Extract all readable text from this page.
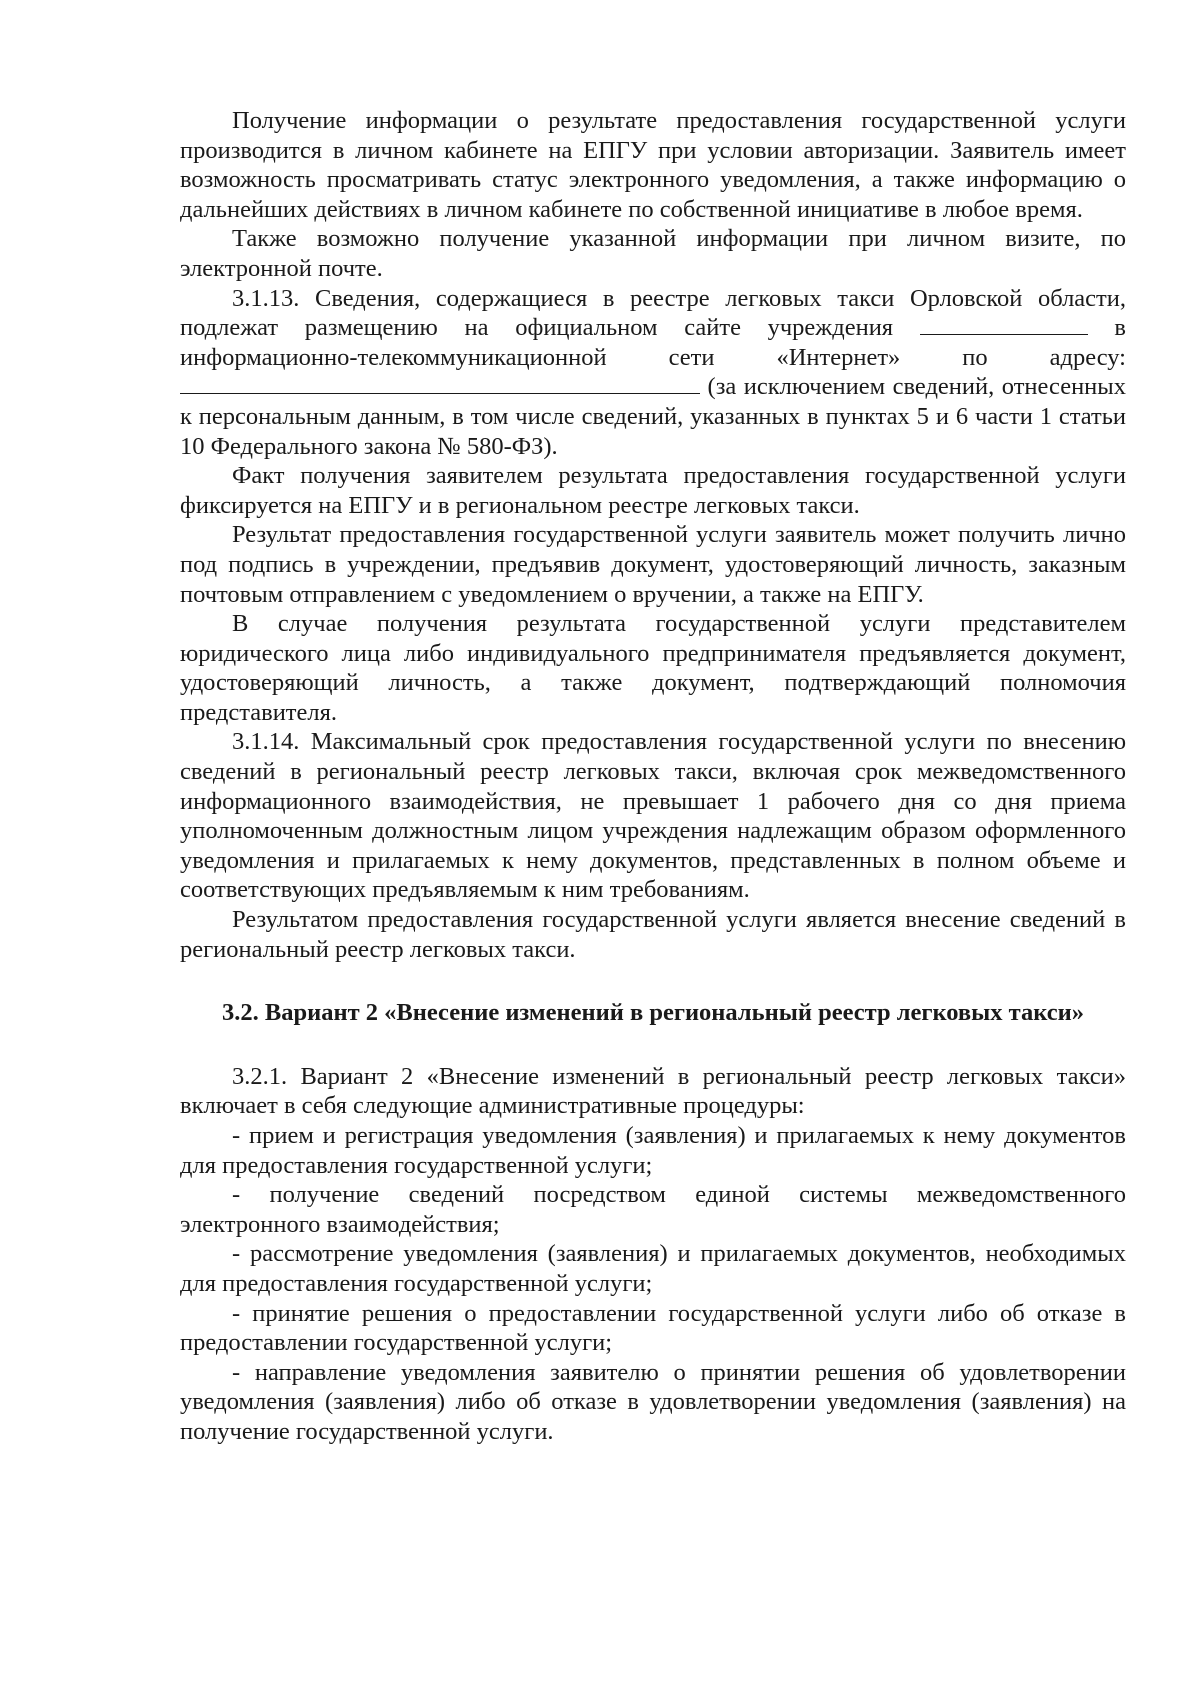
Получение информации о результате предоставления государственной услуги производится в личном кабинете на ЕПГУ при условии авторизации. Заявитель имеет возможность просматривать статус электронного уведомления, а также информацию о дальнейших действиях в личном кабинете по собственной инициативе в любое время.

Также возможно получение указанной информации при личном визите, по электронной почте.

3.1.13. Сведения, содержащиеся в реестре легковых такси Орловской области, подлежат размещению на официальном сайте учреждения	в информационно-телекоммуникационной сети «Интернет» по адресу:  (за исключением сведений, отнесенных к персональным данным, в том числе сведений, указанных в пунктах 5 и 6 части 1 статьи 10 Федерального закона № 580-ФЗ).

Факт получения заявителем результата предоставления государственной услуги фиксируется на ЕПГУ и в региональном реестре легковых такси.

Результат предоставления государственной услуги заявитель может получить лично под подпись в учреждении, предъявив документ, удостоверяющий личность, заказным почтовым отправлением с уведомлением о вручении, а также на ЕПГУ.

В случае получения результата государственной услуги представителем юридического лица либо индивидуального предпринимателя предъявляется документ, удостоверяющий личность, а также документ, подтверждающий полномочия представителя.

3.1.14. Максимальный срок предоставления государственной услуги по внесению сведений в региональный реестр легковых такси, включая срок межведомственного информационного взаимодействия, не превышает 1 рабочего дня со дня приема уполномоченным должностным лицом учреждения надлежащим образом оформленного уведомления и прилагаемых к нему документов, представленных в полном объеме и соответствующих предъявляемым к ним требованиям.

Результатом предоставления государственной услуги является внесение сведений в региональный реестр легковых такси.

3.2. Вариант 2 «Внесение изменений в региональный реестр легковых такси»

3.2.1. Вариант 2 «Внесение изменений в региональный реестр легковых такси» включает в себя следующие административные процедуры:

- прием и регистрация уведомления (заявления) и прилагаемых к нему документов для предоставления государственной услуги;

- получение сведений посредством единой системы межведомственного электронного взаимодействия;

- рассмотрение уведомления (заявления) и прилагаемых документов, необходимых для предоставления государственной услуги;

- принятие решения о предоставлении государственной услуги либо об отказе в предоставлении государственной услуги;

- направление уведомления заявителю о принятии решения об удовлетворении уведомления (заявления) либо об отказе в удовлетворении уведомления (заявления) на получение государственной услуги.
